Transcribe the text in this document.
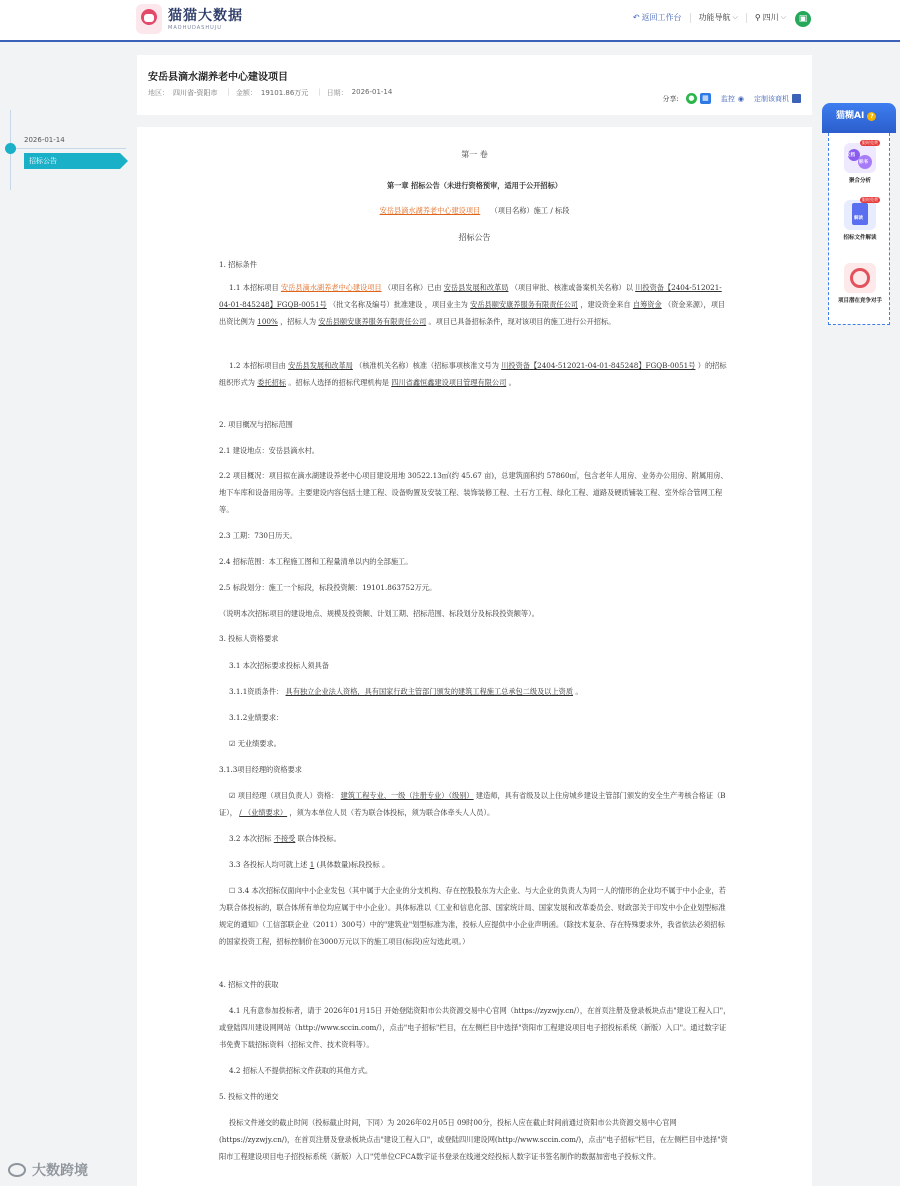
猫猫大数据
MAOHUDASHUJU
↶ 返回工作台 功能导航 ⌵ ⚲ 四川 ⌵	▣
安岳县滴水湖养老中心建设项目
地区： 四川省-资阳市 | 金额： 19101.86万元 | 日期： 2026-01-14
分享:	●	▦	监控 ◉ 定制该商机
2026-01-14
招标公告
第一 卷
第一章 招标公告（未进行资格预审，适用于公开招标）
安岳县滴水湖养老中心建设项目 （项目名称）施工 / 标段
招标公告
1. 招标条件
1.1 本招标项目 安岳县滴水湖养老中心建设项目 （项目名称）已由 安岳县发展和改革局 （项目审批、核准或备案机关名称）以 川投资备【2404-512021-04-01-845248】FGQB-0051号 （批文名称及编号）批准建设 ，项目业主为 安岳县颐安康养服务有限责任公司 ，建设资金来自 自筹资金 （资金来源），项目出资比例为 100% ，招标人为 安岳县颐安康养服务有限责任公司 。项目已具备招标条件，现对该项目的施工进行公开招标。
1.2 本招标项目由 安岳县发展和改革局 （核准机关名称）核准（招标事项核准文号为 川投资备【2404-512021-04-01-845248】FGQB-0051号 ）的招标组织形式为 委托招标 。招标人选择的招标代理机构是 四川省鑫恒鑫建设项目管理有限公司 。
2. 项目概况与招标范围
2.1 建设地点：安岳县滴水村。
2.2 项目概况：项目拟在滴水湖建设养老中心项目建设用地 30522.13㎡(约 45.67 亩)，总建筑面积约 57860㎡，包含老年人用房、业务办公用房、附属用房、地下车库和设备用房等。主要建设内容包括土建工程、设备购置及安装工程、装饰装修工程、土石方工程、绿化工程、道路及硬质铺装工程、室外综合管网工程等。
2.3 工期：730日历天。
2.4 招标范围：本工程施工图和工程量清单以内的全部施工。
2.5 标段划分：施工一个标段，标段投资额：19101.863752万元。
（说明本次招标项目的建设地点、规模及投资额、计划工期、招标范围、标段划分及标段投资额等）。
3. 投标人资格要求
3.1 本次招标要求投标人须具备
3.1.1资质条件： 具有独立企业法人资格，具有国家行政主管部门颁发的建筑工程施工总承包二级及以上资质 。
3.1.2业绩要求：
☑ 无业绩要求。
3.1.3项目经理的资格要求
☑ 项目经理（项目负责人）资格： 建筑工程专业、一级（注册专业）（级别） 建造师，具有省级及以上住房城乡建设主管部门颁发的安全生产考核合格证（B证）， / （业绩要求） ，须为本单位人员（若为联合体投标，须为联合体牵头人人员）。
3.2 本次招标 不接受 联合体投标。
3.3 各投标人均可就上述 1 (具体数量)标段投标 。
☐ 3.4 本次招标仅面向中小企业发包（其中属于大企业的分支机构、存在控股股东为大企业、与大企业的负责人为同一人的情形的企业均不属于中小企业，若为联合体投标的，联合体所有单位均应属于中小企业）。具体标准以《工业和信息化部、国家统计局、国家发展和改革委员会、财政部关于印发中小企业划型标准规定的通知》（工信部联企业（2011）300号）中的"建筑业"划型标准为准，投标人应提供中小企业声明函。（除技术复杂、存在特殊要求外，我省依法必须招标的国家投资工程，招标控制价在3000万元以下的施工项目(标段)应勾选此项。）
4. 招标文件的获取
4.1 凡有意参加投标者，请于 2026年01月15日 开始登陆资阳市公共资源交易中心官网（https://zyzwjy.cn/），在首页注册及登录板块点击"建设工程入口"，或登陆四川建设网网站（http://www.sccin.com/），点击"电子招标"栏目，在左侧栏目中选择"资阳市工程建设项目电子招投标系统（新版）入口"。通过数字证书免费下载招标资料（招标文件、技术资料等）。
4.2 招标人不提供招标文件获取的其他方式。
5. 投标文件的递交
投标文件递交的截止时间（投标截止时间，下同）为 2026年02月05日 09时00分，投标人应在截止时间前通过资阳市公共资源交易中心官网(https://zyzwjy.cn/)，在首页注册及登录板块点击"建设工程入口"，或登陆四川建设网(http://www.sccin.com/)，点击"电子招标"栏目，在左侧栏目中选择"资阳市工程建设项目电子招投标系统（新版）入口"凭单位CFCA数字证书登录在线递交经投标人数字证书签名制作的数据加密电子投标文件。
猫糊AI ?
限时免费
文档
标书
聚合分析
限时免费
解读
招标文件解读
项目潜在竞争对手
大数跨境
